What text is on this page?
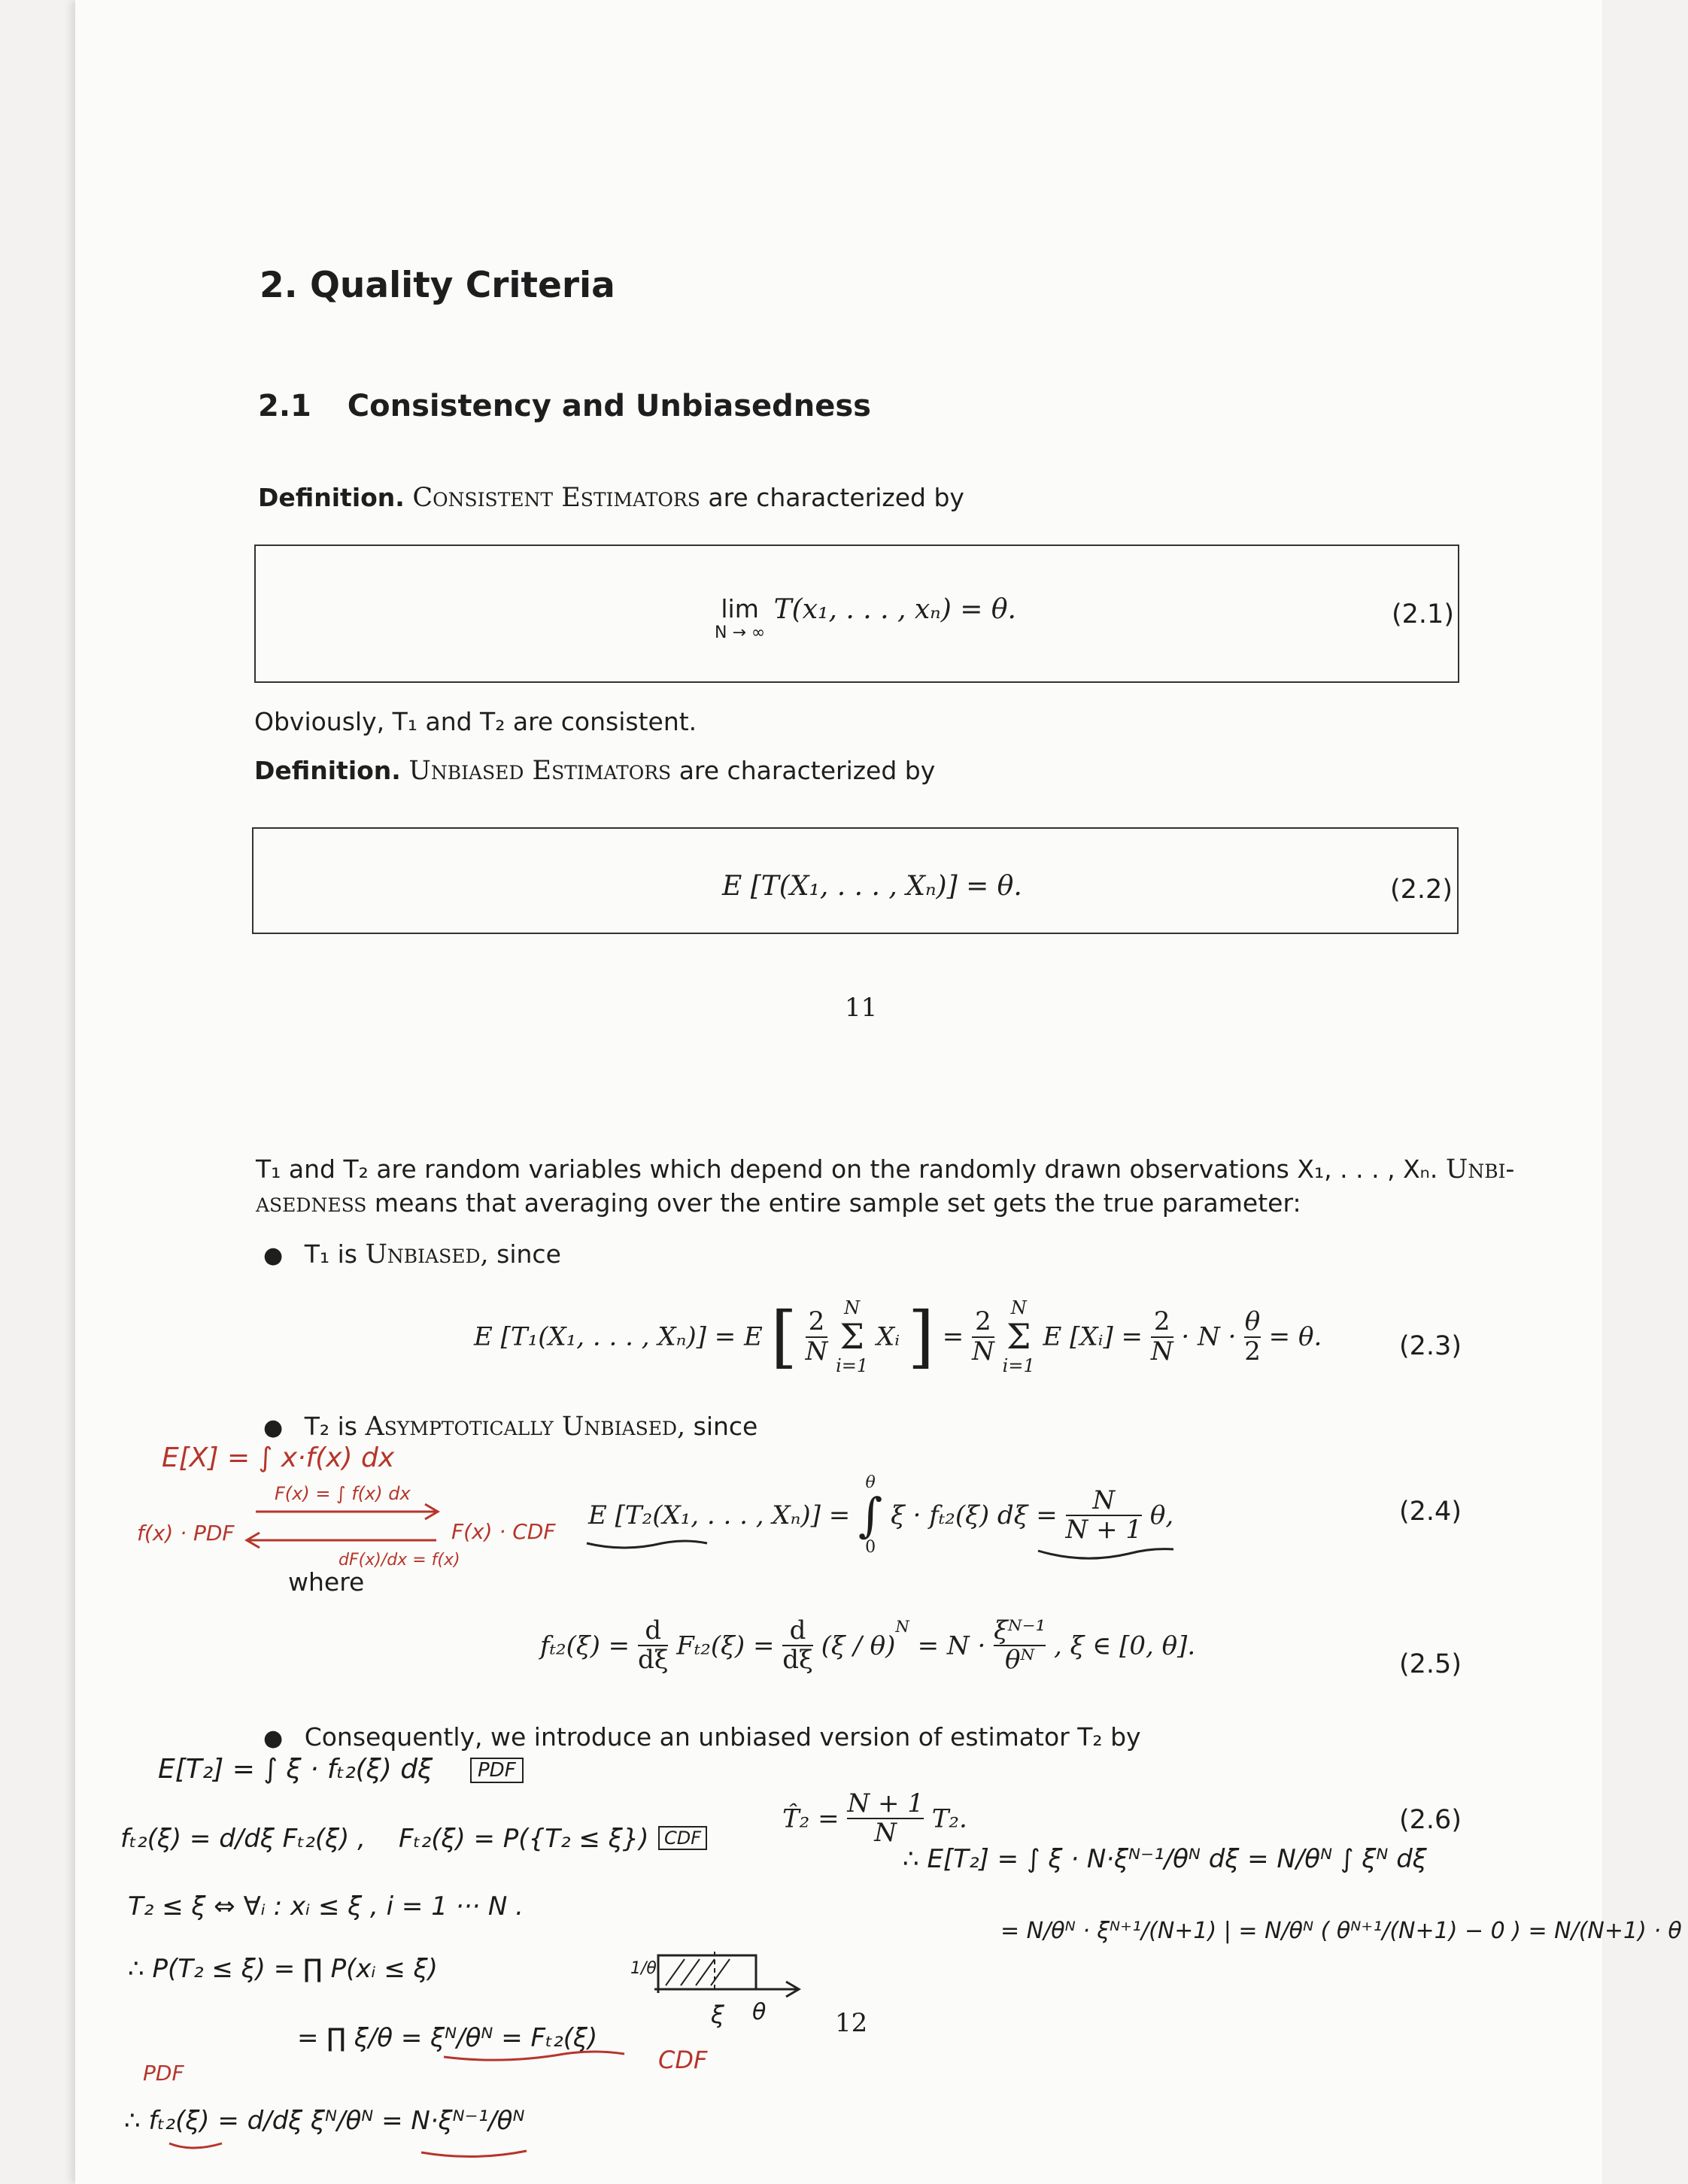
2. Quality Criteria
2.1 Consistency and Unbiasedness
Definition. Consistent Estimators are characterized by
lim
N → ∞
T(x₁, . . . , xₙ) = θ.	(2.1)
Obviously, T₁ and T₂ are consistent.
Definition. Unbiased Estimators are characterized by
E [T(X₁, . . . , Xₙ)] = θ.	(2.2)
11
T₁ and T₂ are random variables which depend on the randomly drawn observations X₁, . . . , Xₙ. Unbi-
asedness means that averaging over the entire sample set gets the true parameter:
● T₁ is Unbiased, since
E [T₁(X₁, . . . , Xₙ)] = E [ $\frac{2}{N}$

N
Σ
i=1
Xᵢ ] = $\frac{2}{N}$

N
Σ
i=1
E [Xᵢ] = $\frac{2}{N} \cdot N \cdot \frac{\theta}{2} = \theta$.	(2.3)
● T₂ is Asymptotically Unbiased, since
E [T₂(X₁, . . . , Xₙ)] =
θ
∫
0
ξ · fₜ₂(ξ) $d\xi = \frac{N}{N + 1} \theta$,	(2.4)
where
$f_{t2}(\xi) = \frac{d}{d\xi} F_{t2}(\xi) = \frac{d}{d\xi} (\xi / \theta)^N = N \cdot \frac{\text{ξᴺ⁻¹}}{\text{θᴺ}}$ , ξ ∈ [0, θ].
(2.5)
● Consequently, we introduce an unbiased version of estimator T₂ by
T̂₂ = $\frac{N + 1}{N} T_2$.	(2.6)
12
E[X] = ∫ x·f(x) dx
F(x) = ∫ f(x) dx
f(x) · PDF	F(x) · CDF
dF(x)/dx = f(x)
E[T₂] = ∫ ξ · fₜ₂(ξ) dξ	PDF
fₜ₂(ξ) = d/dξ Fₜ₂(ξ) , Fₜ₂(ξ) = P({T₂ ≤ ξ}) CDF
T₂ ≤ ξ ⇔ ∀ᵢ : xᵢ ≤ ξ , i = 1 ··· N .
∴ P(T₂ ≤ ξ) = ∏ P(xᵢ ≤ ξ)
= ∏ ξ/θ = ξᴺ/θᴺ = Fₜ₂(ξ)
CDF
PDF
∴ fₜ₂(ξ) = d/dξ ξᴺ/θᴺ = N·ξᴺ⁻¹/θᴺ
∴ E[T₂] = ∫ ξ · N·ξᴺ⁻¹/θᴺ dξ = N/θᴺ ∫ ξᴺ dξ
= N/θᴺ · ξᴺ⁺¹/(N+1) | = N/θᴺ ( θᴺ⁺¹/(N+1) − 0 ) = N/(N+1) · θ
1/θ
ξ θ
